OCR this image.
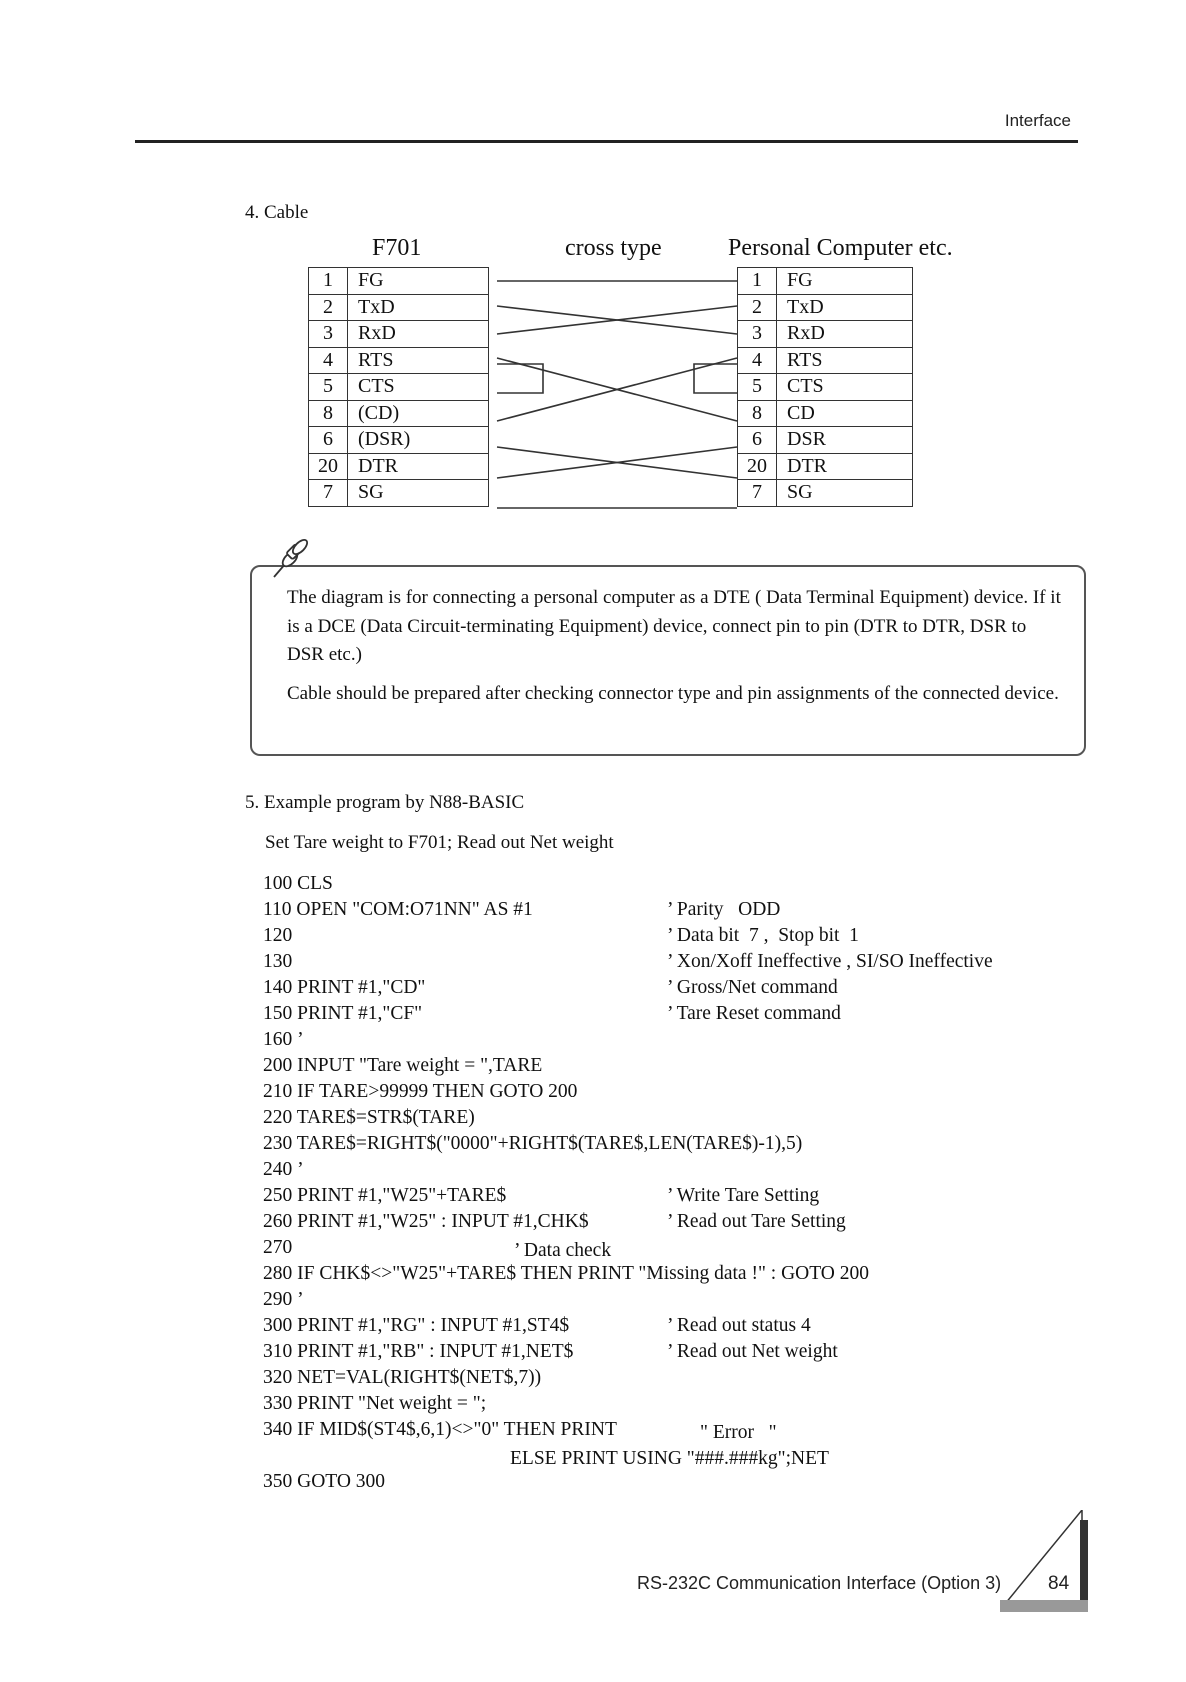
Interface
4. Cable
F701	cross type	Personal Computer etc.
1	FG
2	TxD
3	RxD
4	RTS
5	CTS
8	(CD)
6	(DSR)
20	DTR
7	SG
1	FG
2	TxD
3	RxD
4	RTS
5	CTS
8	CD
6	DSR
20	DTR
7	SG

The diagram is for connecting a personal computer as a DTE ( Data Terminal Equipment) device. If it is a DCE (Data Circuit-terminating Equipment) device, connect pin to pin (DTR to DTR, DSR to DSR etc.)

Cable should be prepared after checking connector type and pin assignments of the connected device.

5. Example program by N88-BASIC
Set Tare weight to F701; Read out Net weight
100 CLS
110 OPEN "COM:O71NN" AS #1	’ Parity   ODD
120	’ Data bit  7 ,  Stop bit  1
130	’ Xon/Xoff Ineffective , SI/SO Ineffective
140 PRINT #1,"CD"	’ Gross/Net command
150 PRINT #1,"CF"	’ Tare Reset command
160 ’
200 INPUT "Tare weight = ",TARE
210 IF TARE>99999 THEN GOTO 200
220 TARE$=STR$(TARE)
230 TARE$=RIGHT$("0000"+RIGHT$(TARE$,LEN(TARE$)-1),5)
240 ’
250 PRINT #1,"W25"+TARE$	’ Write Tare Setting
260 PRINT #1,"W25" : INPUT #1,CHK$	’ Read out Tare Setting
270
280 IF CHK$<>"W25"+TARE$ THEN PRINT "Missing data !" : GOTO 200
290 ’
300 PRINT #1,"RG" : INPUT #1,ST4$	’ Read out status 4
310 PRINT #1,"RB" : INPUT #1,NET$	’ Read out Net weight
320 NET=VAL(RIGHT$(NET$,7))
330 PRINT "Net weight = ";
340 IF MID$(ST4$,6,1)<>"0" THEN PRINT
350 GOTO 300
’ Data check
" Error   "
ELSE PRINT USING "###.###kg";NET
RS-232C Communication Interface (Option 3) 84
